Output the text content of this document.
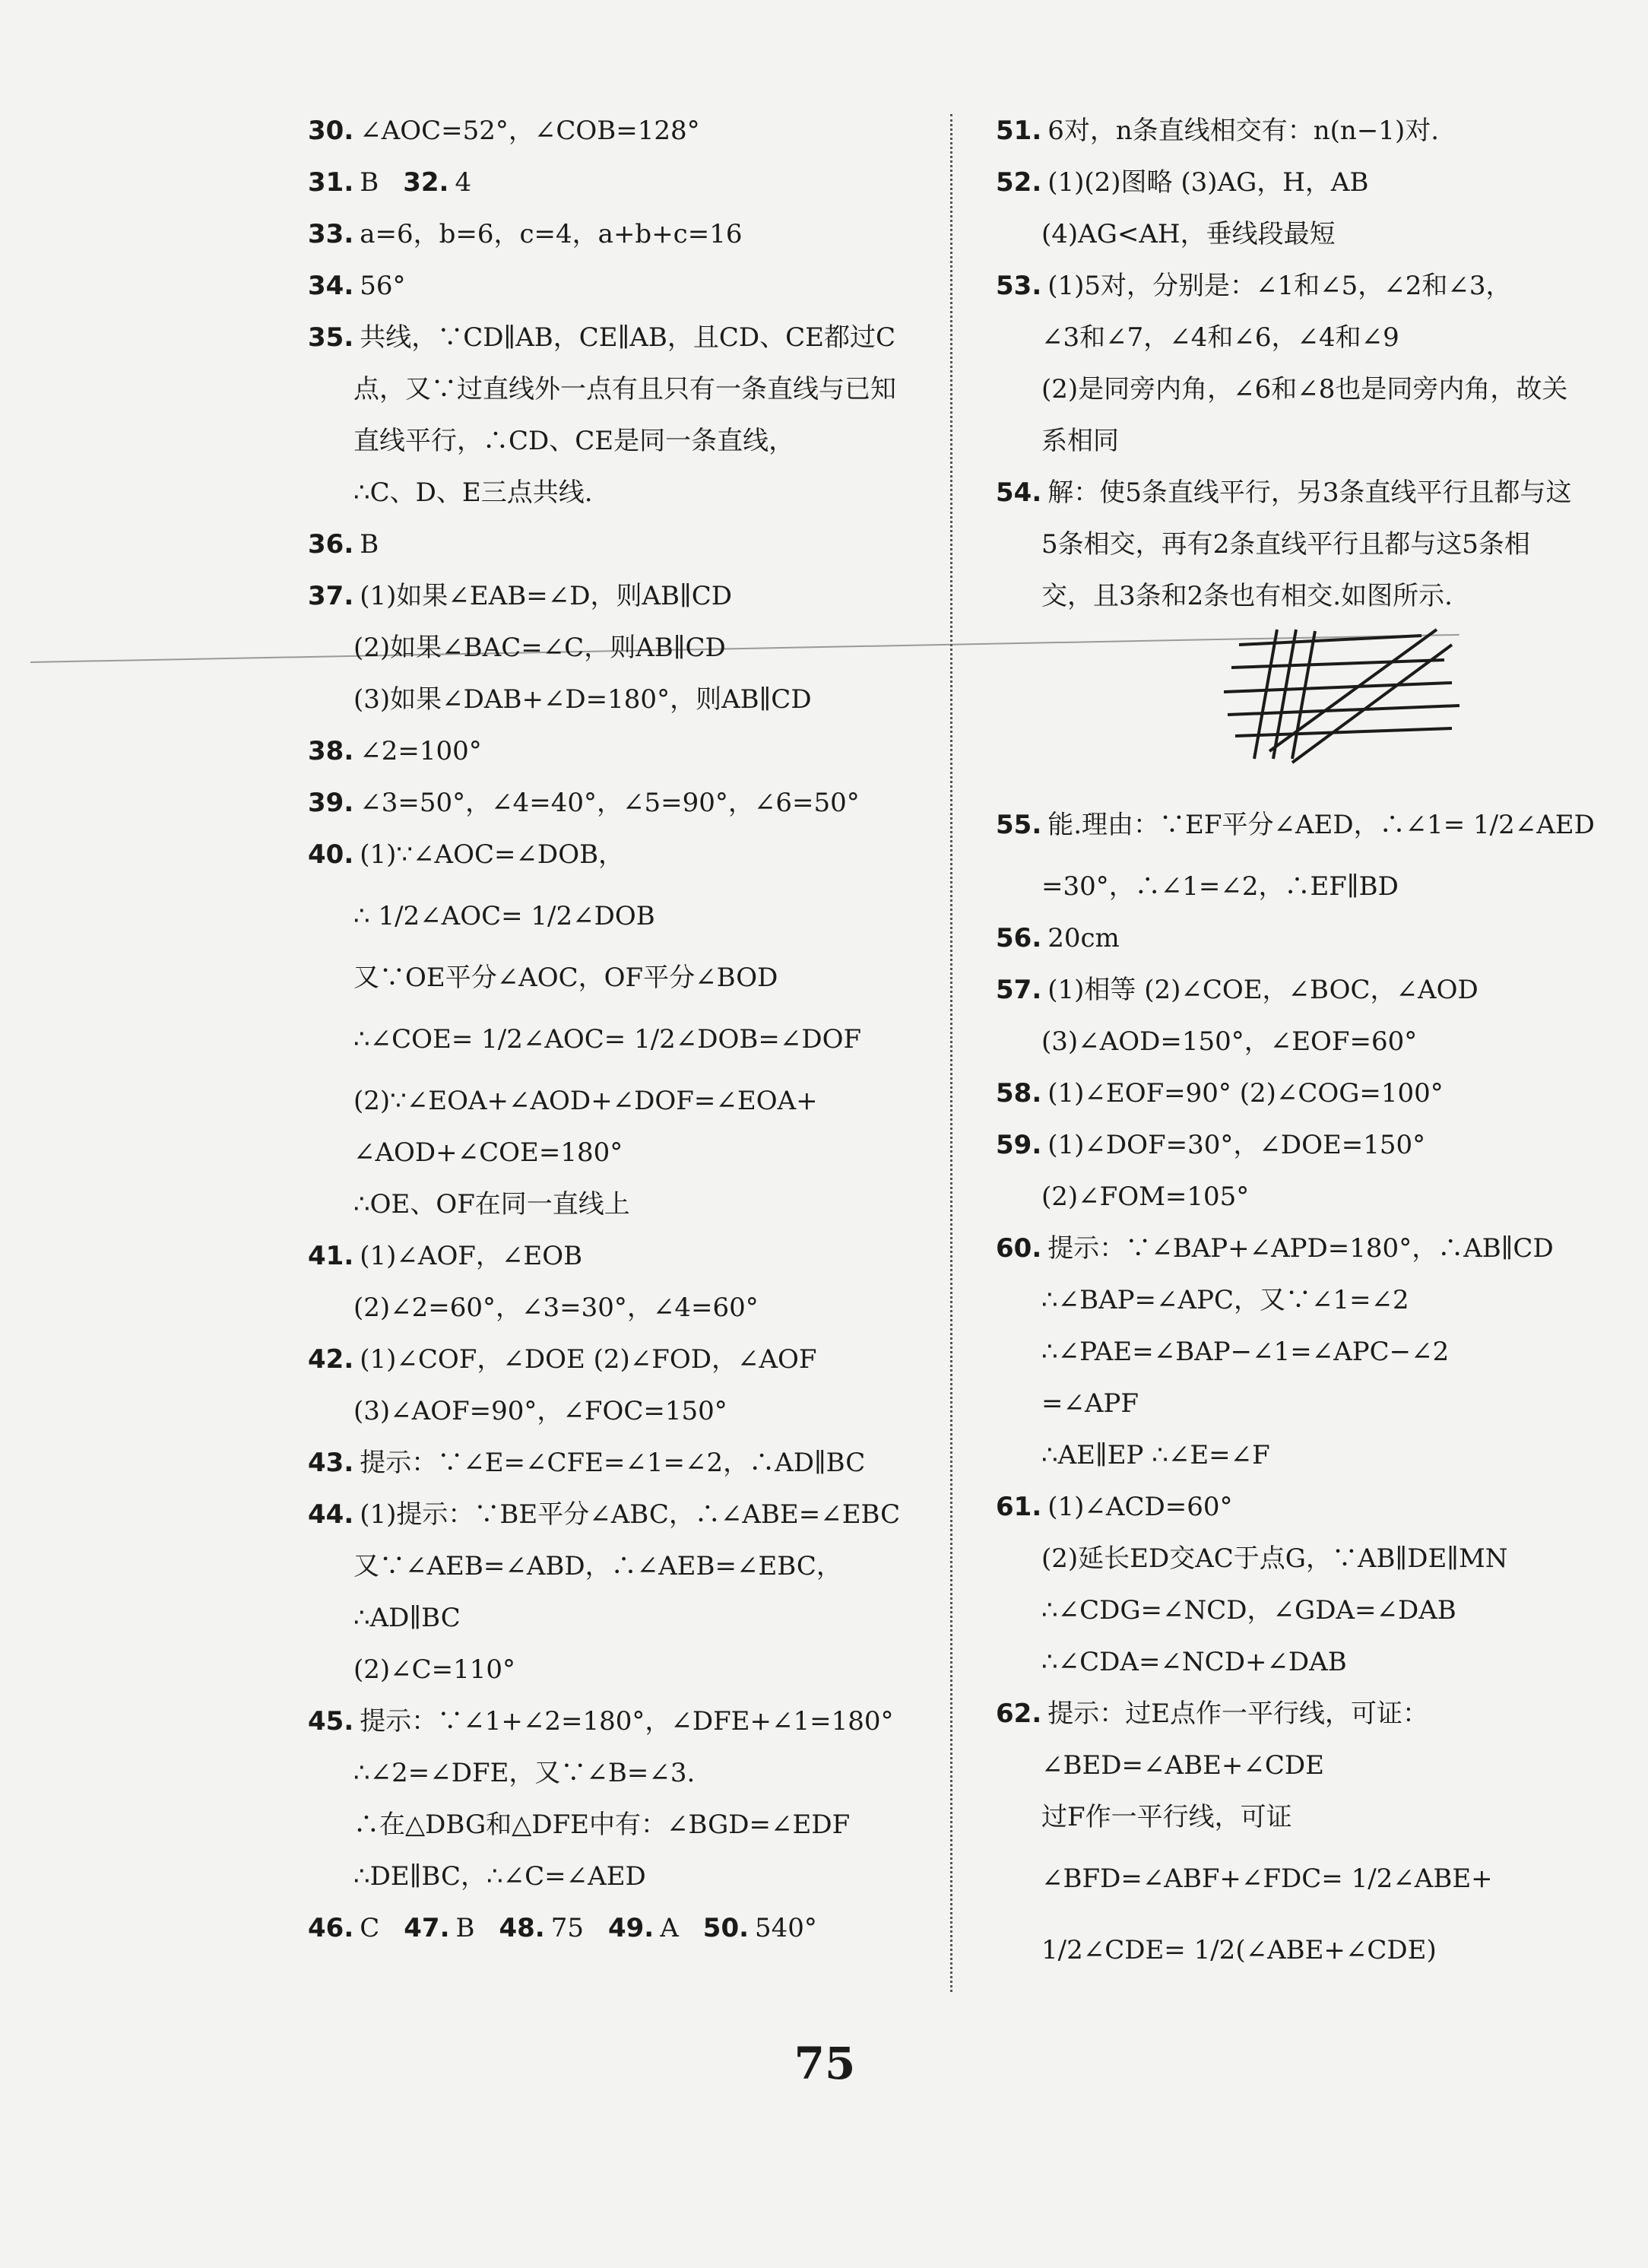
30. ∠AOC=52°，∠COB=128°
31. B 32. 4
33. a=6，b=6，c=4，a+b+c=16
34. 56°
35. 共线，∵CD∥AB，CE∥AB，且CD、CE都过C
点，又∵过直线外一点有且只有一条直线与已知
直线平行，∴CD、CE是同一条直线，
∴C、D、E三点共线.
36. B
37. (1)如果∠EAB=∠D，则AB∥CD
(2)如果∠BAC=∠C，则AB∥CD
(3)如果∠DAB+∠D=180°，则AB∥CD
38. ∠2=100°
39. ∠3=50°，∠4=40°，∠5=90°，∠6=50°
40. (1)∵∠AOC=∠DOB，
∴ 1/2∠AOC= 1/2∠DOB
又∵OE平分∠AOC，OF平分∠BOD
∴∠COE= 1/2∠AOC= 1/2∠DOB=∠DOF
(2)∵∠EOA+∠AOD+∠DOF=∠EOA+
∠AOD+∠COE=180°
∴OE、OF在同一直线上
41. (1)∠AOF，∠EOB
(2)∠2=60°，∠3=30°，∠4=60°
42. (1)∠COF，∠DOE (2)∠FOD，∠AOF
(3)∠AOF=90°，∠FOC=150°
43. 提示：∵∠E=∠CFE=∠1=∠2，∴AD∥BC
44. (1)提示：∵BE平分∠ABC，∴∠ABE=∠EBC
又∵∠AEB=∠ABD，∴∠AEB=∠EBC，
∴AD∥BC
(2)∠C=110°
45. 提示：∵∠1+∠2=180°，∠DFE+∠1=180°
∴∠2=∠DFE，又∵∠B=∠3.
∴在△DBG和△DFE中有：∠BGD=∠EDF
∴DE∥BC，∴∠C=∠AED
46. C 47. B 48. 75 49. A 50. 540°
51. 6对，n条直线相交有：n(n−1)对.
52. (1)(2)图略 (3)AG，H，AB
(4)AG<AH，垂线段最短
53. (1)5对，分别是：∠1和∠5，∠2和∠3，
∠3和∠7，∠4和∠6，∠4和∠9
(2)是同旁内角，∠6和∠8也是同旁内角，故关
系相同
54. 解：使5条直线平行，另3条直线平行且都与这
5条相交，再有2条直线平行且都与这5条相
交，且3条和2条也有相交.如图所示.
55. 能.理由：∵EF平分∠AED，∴∠1= 1/2∠AED
=30°，∴∠1=∠2，∴EF∥BD
56. 20cm
57. (1)相等 (2)∠COE，∠BOC，∠AOD
(3)∠AOD=150°，∠EOF=60°
58. (1)∠EOF=90° (2)∠COG=100°
59. (1)∠DOF=30°，∠DOE=150°
(2)∠FOM=105°
60. 提示：∵∠BAP+∠APD=180°，∴AB∥CD
∴∠BAP=∠APC，又∵∠1=∠2
∴∠PAE=∠BAP−∠1=∠APC−∠2
=∠APF
∴AE∥EP ∴∠E=∠F
61. (1)∠ACD=60°
(2)延长ED交AC于点G，∵AB∥DE∥MN
∴∠CDG=∠NCD，∠GDA=∠DAB
∴∠CDA=∠NCD+∠DAB
62. 提示：过E点作一平行线，可证：
∠BED=∠ABE+∠CDE
过F作一平行线，可证
∠BFD=∠ABF+∠FDC= 1/2∠ABE+
1/2∠CDE= 1/2(∠ABE+∠CDE)
75
